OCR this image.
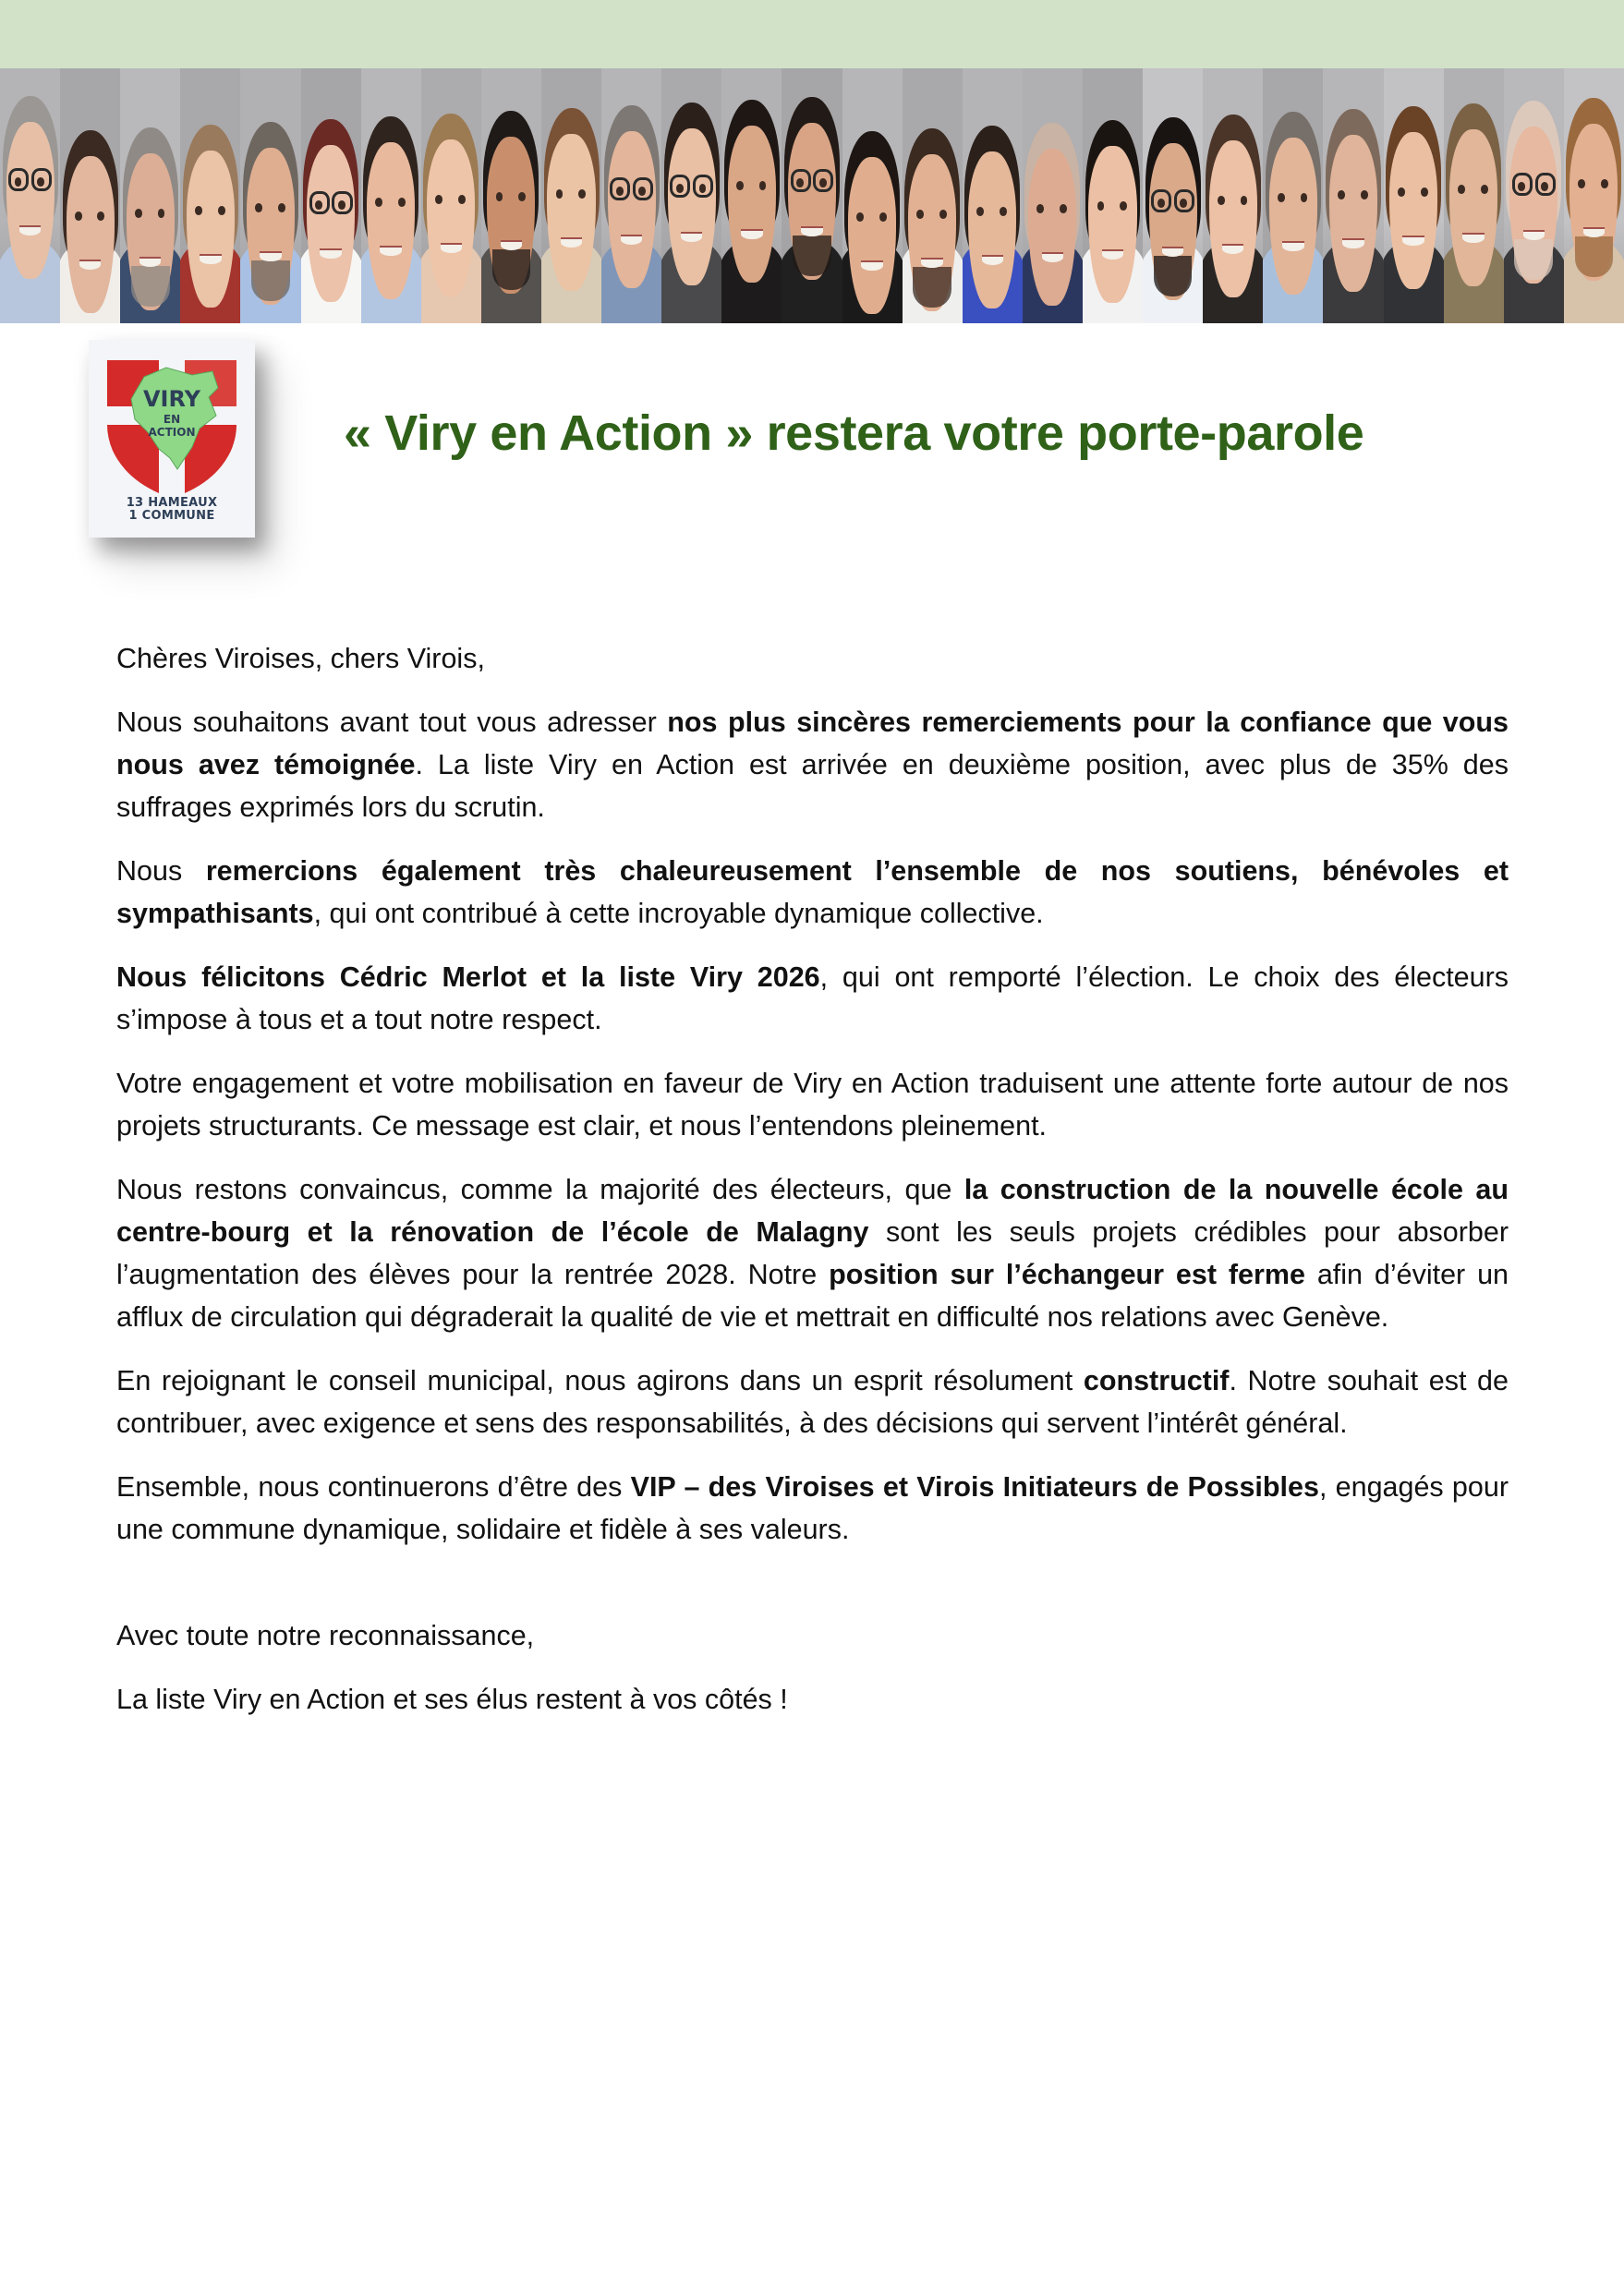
VIRY
EN
ACTION
13 HAMEAUX
1 COMMUNE
« Viry en Action » restera votre porte-parole

Chères Viroises, chers Virois,

Nous souhaitons avant tout vous adresser nos plus sincères remerciements pour la confiance que vous nous avez témoignée. La liste Viry en Action est arrivée en deuxième position, avec plus de 35% des suffrages exprimés lors du scrutin.

Nous remercions également très chaleureusement l’ensemble de nos soutiens, bénévoles et sympathisants, qui ont contribué à cette incroyable dynamique collective.

Nous félicitons Cédric Merlot et la liste Viry 2026, qui ont remporté l’élection. Le choix des électeurs s’impose à tous et a tout notre respect.

Votre engagement et votre mobilisation en faveur de Viry en Action traduisent une attente forte autour de nos projets structurants. Ce message est clair, et nous l’entendons pleinement.

Nous restons convaincus, comme la majorité des électeurs, que la construction de la nouvelle école au centre-bourg et la rénovation de l’école de Malagny sont les seuls projets crédibles pour absorber l’augmentation des élèves pour la rentrée 2028. Notre position sur l’échangeur est ferme afin d’éviter un afflux de circulation qui dégraderait la qualité de vie et mettrait en difficulté nos relations avec Genève.

En rejoignant le conseil municipal, nous agirons dans un esprit résolument constructif. Notre souhait est de contribuer, avec exigence et sens des responsabilités, à des décisions qui servent l’intérêt général.

Ensemble, nous continuerons d’être des VIP – des Viroises et Virois Initiateurs de Possibles, engagés pour une commune dynamique, solidaire et fidèle à ses valeurs.

Avec toute notre reconnaissance,

La liste Viry en Action et ses élus restent à vos côtés !
